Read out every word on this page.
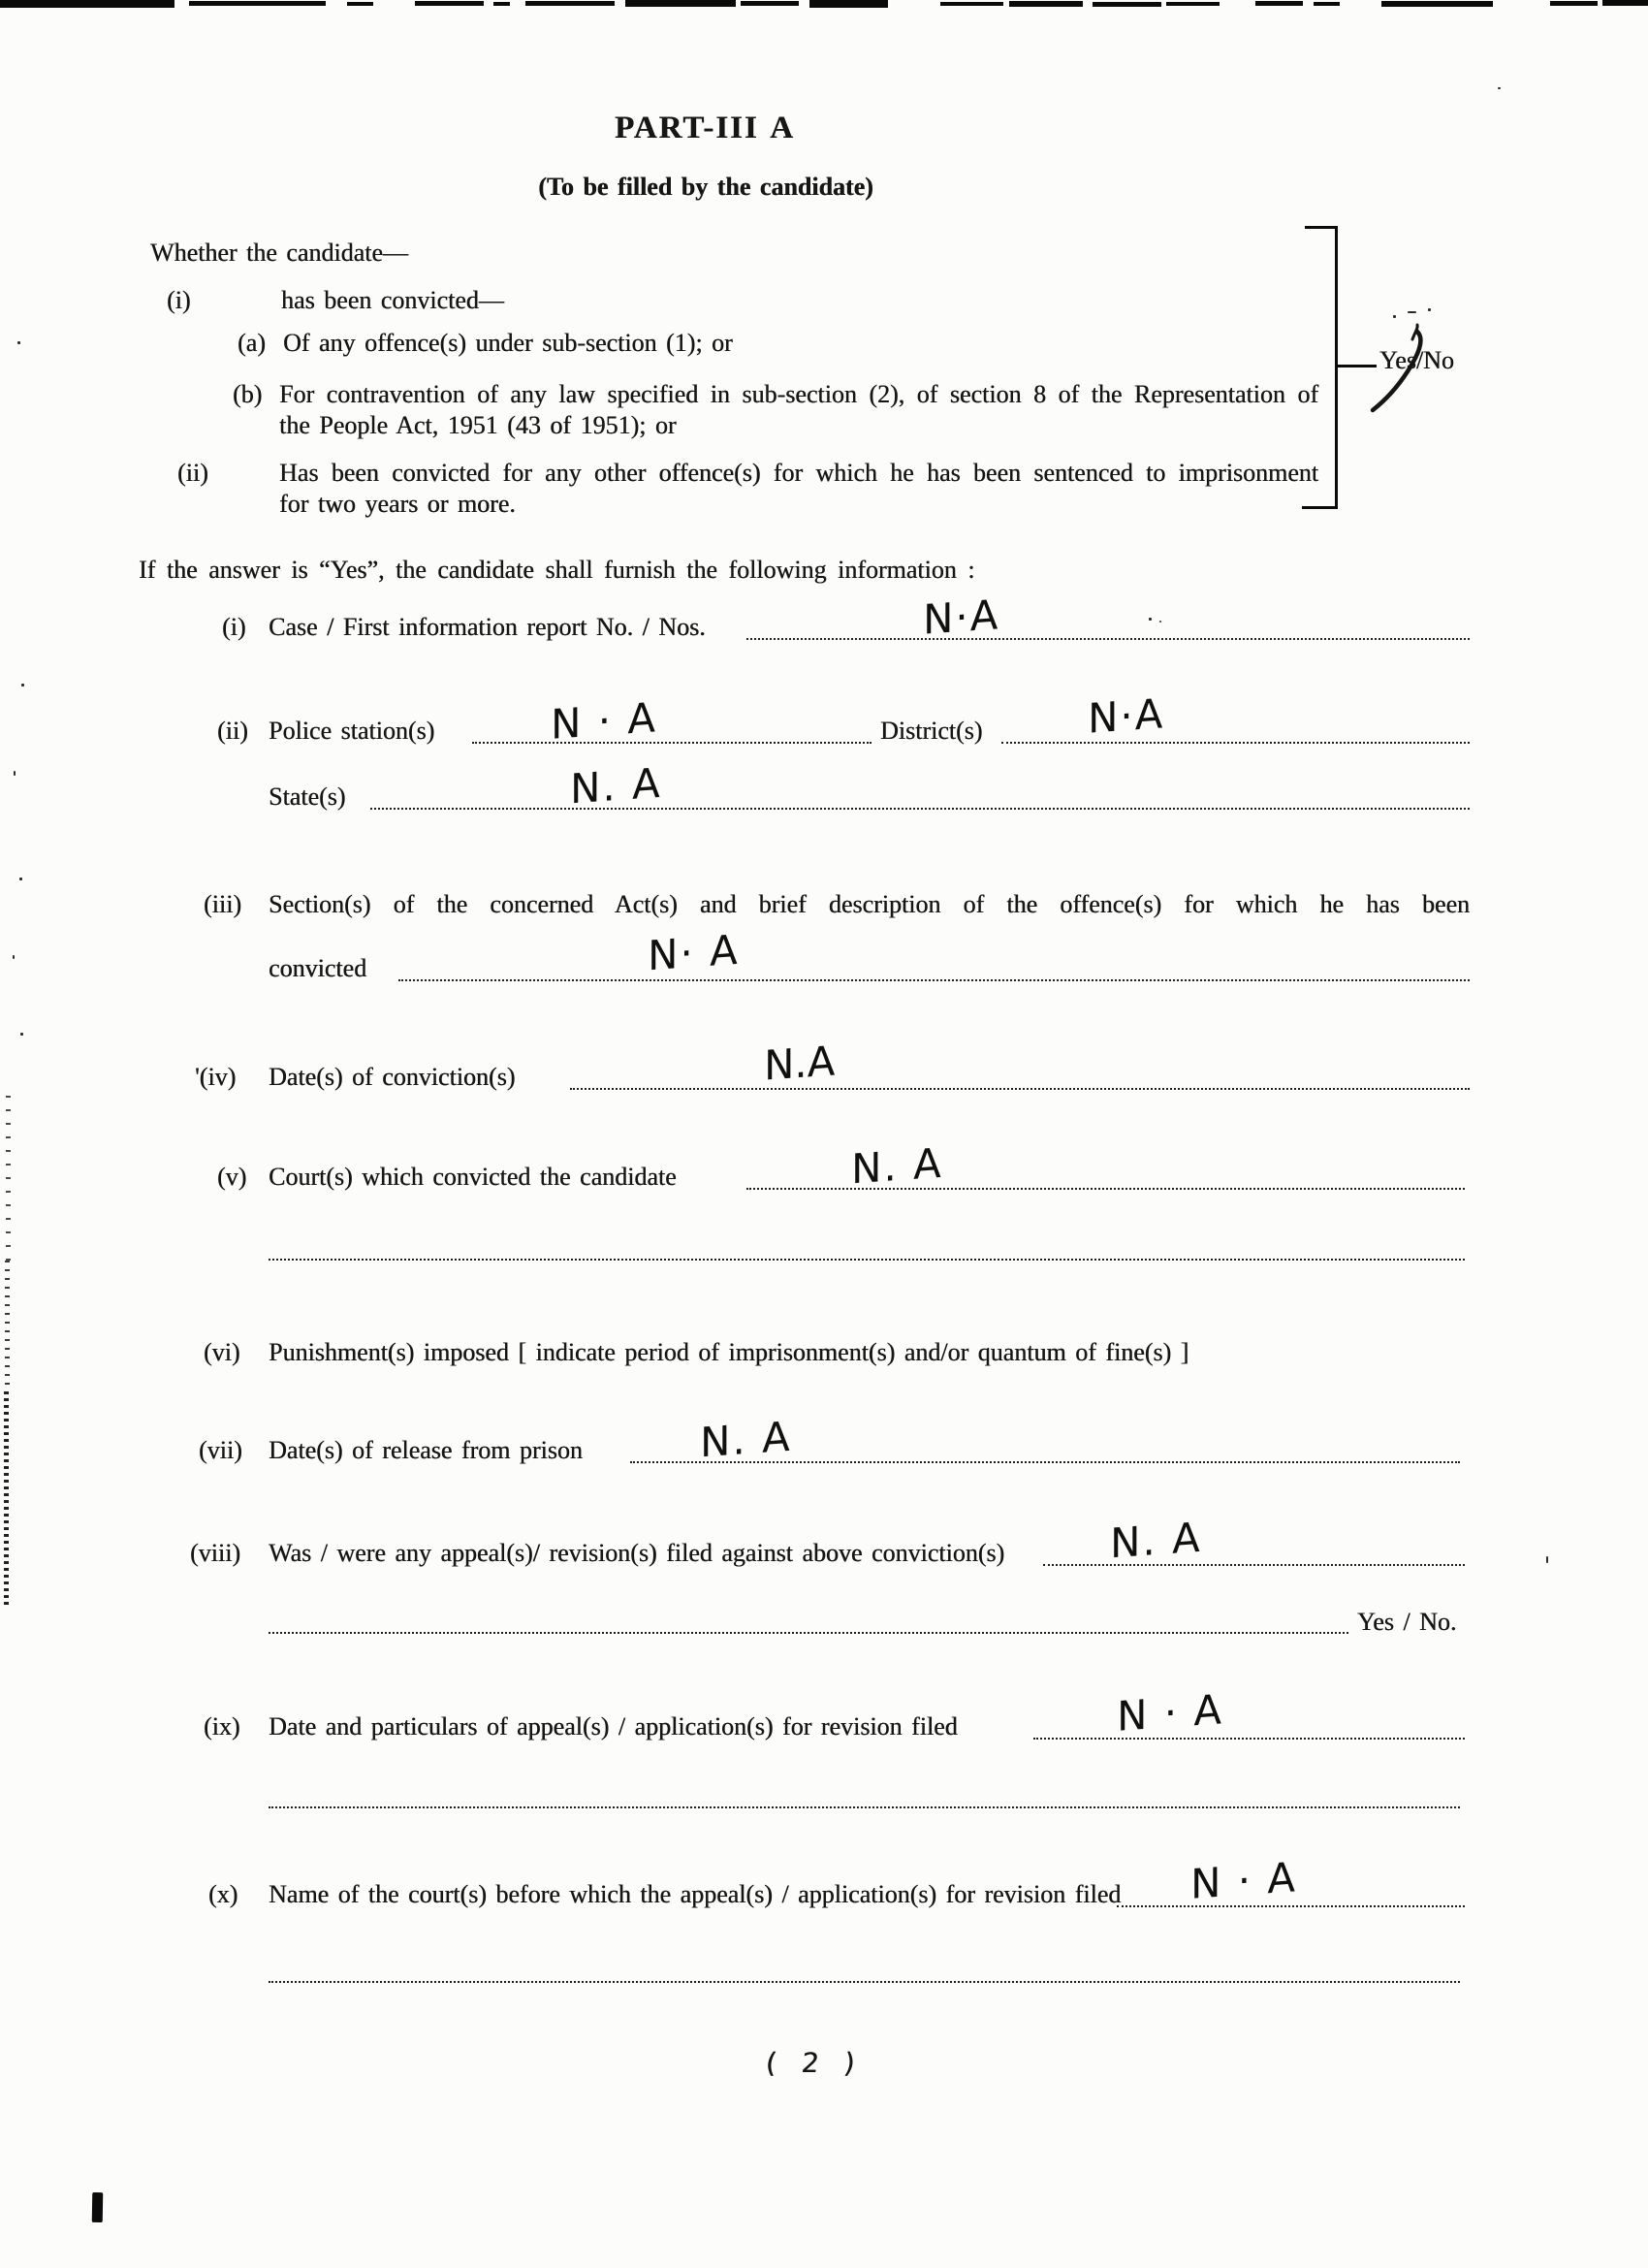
PART-III A
(To be filled by the candidate)
Whether the candidate—
(i)	has been convicted—
(a) Of any offence(s) under sub-section (1); or
(b) For contravention of any law specified in sub-section (2), of section 8 of the Representation of
the People Act, 1951 (43 of 1951); or
(ii)	Has been convicted for any other offence(s) for which he has been sentenced to imprisonment
for two years or more.
Yes/No
If the answer is “Yes”, the candidate shall furnish the following information :
(i) Case / First information report No. / Nos.	N·A
(ii) Police station(s)	N · A	District(s)	N·A
State(s)	N. A
(iii) Section(s) of the concerned Act(s) and brief description of the offence(s) for which he has been
convicted	N· A
'(iv) Date(s) of conviction(s)	N.A
(v) Court(s) which convicted the candidate	N. A
(vi) Punishment(s) imposed [ indicate period of imprisonment(s) and/or quantum of fine(s) ]
(vii) Date(s) of release from prison	N. A
(viii) Was / were any appeal(s)/ revision(s) filed against above conviction(s)	N. A
Yes / No.
(ix) Date and particulars of appeal(s) / application(s) for revision filed	N · A
(x) Name of the court(s) before which the appeal(s) / application(s) for revision filed N · A
( 2 )
